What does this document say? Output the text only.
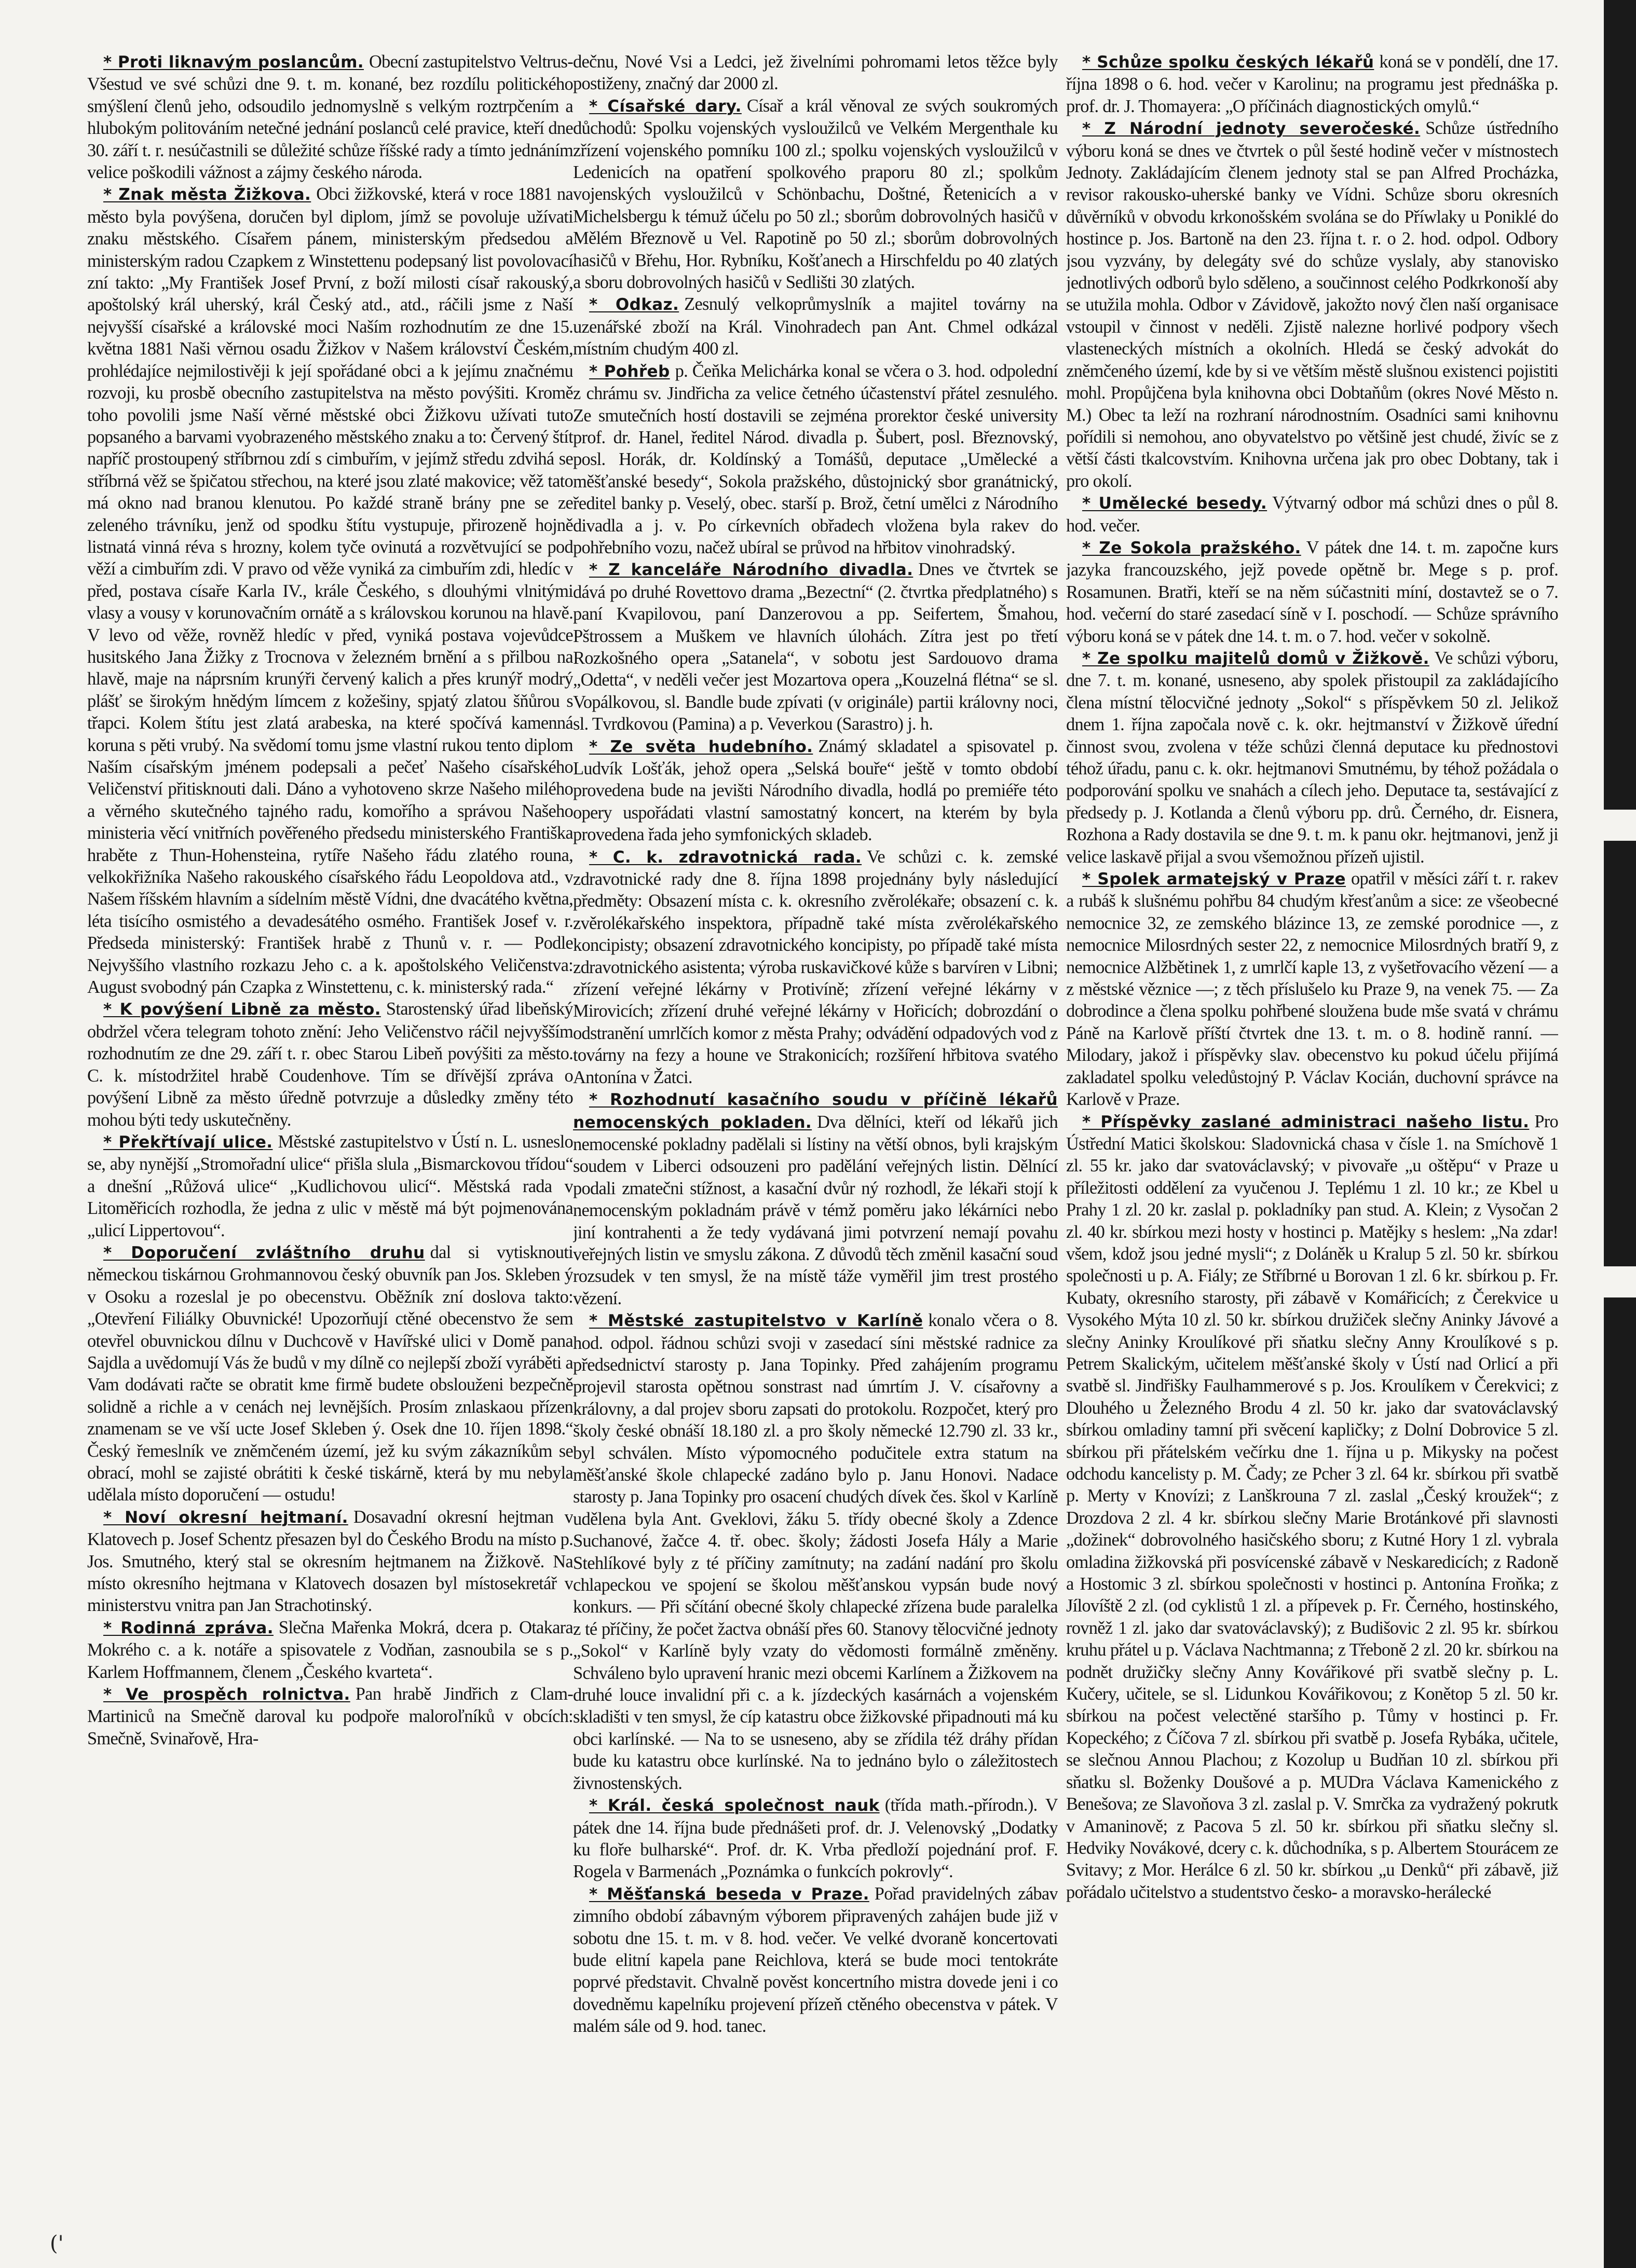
* Proti liknavým poslancům. Obecní zastupitelstvo Veltrus-Všestud ve své schůzi dne 9. t. m. konané, bez rozdílu politického smýšlení členů jeho, odsoudilo jednomyslně s velkým roztrpčením a hlubokým politováním netečné jednání poslanců celé pravice, kteří dne 30. září t. r. nesúčastnili se důležité schůze říšské rady a tímto jednáním velice poškodili vážnost a zájmy českého národa.

* Znak města Žižkova. Obci žižkovské, která v roce 1881 na město byla povýšena, doručen byl diplom, jímž se povoluje užívati znaku městského. Císařem pánem, ministerským předsedou a ministerským radou Czapkem z Winstettenu podepsaný list povolovací zní takto: „My František Josef První, z boží milosti císař rakouský, apoštolský král uherský, král Český atd., atd., ráčili jsme z Naší nejvyšší císařské a královské moci Naším rozhodnutím ze dne 15. května 1881 Naši věrnou osadu Žižkov v Našem království Českém, prohlédajíce nejmilostivěji k její spořádané obci a k jejímu značnému rozvoji, ku prosbě obecního zastupitelstva na město povýšiti. Kromě toho povolili jsme Naší věrné městské obci Žižkovu užívati tuto popsaného a barvami vyobrazeného městského znaku a to: Červený štít napříč prostoupený stříbrnou zdí s cimbuřím, v jejímž středu zdvihá se stříbrná věž se špičatou střechou, na které jsou zlaté makovice; věž tato má okno nad branou klenutou. Po každé straně brány pne se ze zeleného trávníku, jenž od spodku štítu vystupuje, přirozeně hojně listnatá vinná réva s hrozny, kolem tyče ovinutá a rozvětvující se pod věží a cimbuřím zdi. V pravo od věže vyniká za cimbuřím zdi, hledíc v před, postava císaře Karla IV., krále Českého, s dlouhými vlnitými vlasy a vousy v korunovačním ornátě a s královskou korunou na hlavě. V levo od věže, rovněž hledíc v před, vyniká postava vojevůdce husitského Jana Žižky z Trocnova v železném brnění a s přilbou na hlavě, maje na náprsním krunýři červený kalich a přes krunýř modrý plášť se širokým hnědým límcem z kožešiny, spjatý zlatou šňůrou s třapci. Kolem štítu jest zlatá arabeska, na které spočívá kamenná koruna s pěti vrubý. Na svědomí tomu jsme vlastní rukou tento diplom Naším císařským jménem podepsali a pečeť Našeho císařského Veličenství přitisknouti dali. Dáno a vyhotoveno skrze Našeho milého a věrného skutečného tajného radu, komořího a správou Našeho ministeria věcí vnitřních pověřeného předsedu ministerského Františka hraběte z Thun-Hohensteina, rytíře Našeho řádu zlatého rouna, velkokřižníka Našeho rakouského císařského řádu Leopoldova atd., v Našem říšském hlavním a sídelním městě Vídni, dne dvacátého května, léta tisícího osmistého a devadesátého osmého. František Josef v. r. Předseda ministerský: František hrabě z Thunů v. r. — Podle Nejvyššího vlastního rozkazu Jeho c. a k. apoštolského Veličenstva: August svobodný pán Czapka z Winstettenu, c. k. ministerský rada.“

* K povýšení Libně za město. Starostenský úřad libeňský obdržel včera telegram tohoto znění: Jeho Veličenstvo ráčil nejvyšším rozhodnutím ze dne 29. září t. r. obec Starou Libeň povýšiti za město. C. k. místodržitel hrabě Coudenhove. Tím se dřívější zpráva o povýšení Libně za město úředně potvrzuje a důsledky změny této mohou býti tedy uskutečněny.

* Překřtívají ulice. Městské zastupitelstvo v Ústí n. L. usneslo se, aby nynější „Stromořadní ulice“ přišla slula „Bismarckovou třídou“ a dnešní „Růžová ulice“ „Kudlichovou ulicí“. Městská rada v Litoměřicích rozhodla, že jedna z ulic v městě má být pojmenována „ulicí Lippertovou“.

* Doporučení zvláštního druhu dal si vytisknouti německou tiskárnou Grohmannovou český obuvník pan Jos. Skleben ý v Osoku a rozeslal je po obecenstvu. Oběžník zní doslova takto: „Otevření Filiálky Obuvnické! Upozorňují ctěné obecenstvo že sem otevřel obuvnickou dílnu v Duchcově v Havířské ulici v Domě pana Sajdla a uvědomují Vás že budů v my dílně co nejlepší zboží vyráběti a Vam dodávati račte se obratit kme firmě budete obslouženi bezpečně solidně a richle a v cenách nej levnějších. Prosím znlaskaou přízen znamenam se ve vší ucte Josef Skleben ý. Osek dne 10. říjen 1898.“ Český řemeslník ve zněmčeném území, jež ku svým zákazníkům se obrací, mohl se zajisté obrátiti k české tiskárně, která by mu nebyla udělala místo doporučení — ostudu!

* Noví okresní hejtmaní. Dosavadní okresní hejtman v Klatovech p. Josef Schentz přesazen byl do Českého Brodu na místo p. Jos. Smutného, který stal se okresním hejtmanem na Žižkově. Na místo okresního hejtmana v Klatovech dosazen byl místosekretář v ministerstvu vnitra pan Jan Strachotinský.

* Rodinná zpráva. Slečna Mařenka Mokrá, dcera p. Otakara Mokrého c. a k. notáře a spisovatele z Vodňan, zasnoubila se s p. Karlem Hoffmannem, členem „Českého kvarteta“.

* Ve prospěch rolnictva. Pan hrabě Jindřich z Clam-Martiniců na Smečně daroval ku podpoře maloroľníků v obcích: Smečně, Svinařově, Hra-

dečnu, Nové Vsi a Ledci, jež živelními pohromami letos těžce byly postiženy, značný dar 2000 zl.

* Císařské dary. Císař a král věnoval ze svých soukromých důchodů: Spolku vojenských vysloužilců ve Velkém Mergenthale ku zřízení vojenského pomníku 100 zl.; spolku vojenských vysloužilců v Ledenicích na opatření spolkového praporu 80 zl.; spolkům vojenských vysloužilců v Schönbachu, Doštné, Řetenicích a v Michelsbergu k témuž účelu po 50 zl.; sborům dobrovolných hasičů v Mělém Březnově u Vel. Rapotině po 50 zl.; sborům dobrovolných hasičů v Břehu, Hor. Rybníku, Košťanech a Hirschfeldu po 40 zlatých a sboru dobrovolných hasičů v Sedlišti 30 zlatých.

* Odkaz. Zesnulý velkoprůmyslník a majitel továrny na uzenářské zboží na Král. Vinohradech pan Ant. Chmel odkázal místním chudým 400 zl.

* Pohřeb p. Čeňka Melichárka konal se včera o 3. hod. odpolední z chrámu sv. Jindřicha za velice četného účastenství přátel zesnulého. Ze smutečních hostí dostavili se zejména prorektor české university prof. dr. Hanel, ředitel Národ. divadla p. Šubert, posl. Březnovský, posl. Horák, dr. Koldínský a Tomášů, deputace „Umělecké a měšťanské besedy“, Sokola pražského, důstojnický sbor granátnický, ředitel banky p. Veselý, obec. starší p. Brož, četní umělci z Národního divadla a j. v. Po církevních obřadech vložena byla rakev do pohřebního vozu, načež ubíral se průvod na hřbitov vinohradský.

* Z kanceláře Národního divadla. Dnes ve čtvrtek se dává po druhé Rovettovo drama „Bezectní“ (2. čtvrtka předplatného) s paní Kvapilovou, paní Danzerovou a pp. Seifertem, Šmahou, Pštrossem a Muškem ve hlavních úlohách. Zítra jest po třetí Rozkošného opera „Satanela“, v sobotu jest Sardouovo drama „Odetta“, v neděli večer jest Mozartova opera „Kouzelná flétna“ se sl. Vopálkovou, sl. Bandle bude zpívati (v originále) partii královny noci, sl. Tvrdkovou (Pamina) a p. Veverkou (Sarastro) j. h.

* Ze světa hudebního. Známý skladatel a spisovatel p. Ludvík Lošťák, jehož opera „Selská bouře“ ještě v tomto období provedena bude na jevišti Národního divadla, hodlá po premiéře této opery uspořádati vlastní samostatný koncert, na kterém by byla provedena řada jeho symfonických skladeb.

* C. k. zdravotnická rada. Ve schůzi c. k. zemské zdravotnické rady dne 8. října 1898 projednány byly následující předměty: Obsazení místa c. k. okresního zvěrolékaře; obsazení c. k. zvěrolékařského inspektora, případně také místa zvěrolékařského koncipisty; obsazení zdravotnického koncipisty, po případě také místa zdravotnického asistenta; výroba ruskavičkové kůže s barvíren v Libni; zřízení veřejné lékárny v Protivíně; zřízení veřejné lékárny v Mirovicích; zřízení druhé veřejné lékárny v Hořicích; dobrozdání o odstranění umrlčích komor z města Prahy; odvádění odpadových vod z továrny na fezy a houne ve Strakonicích; rozšíření hřbitova svatého Antonína v Žatci.

* Rozhodnutí kasačního soudu v příčině lékařů nemocenských pokladen. Dva dělníci, kteří od lékařů jich nemocenské pokladny padělali si lístiny na větší obnos, byli krajským soudem v Liberci odsouzeni pro padělání veřejných listin. Dělnící podali zmatečni stížnost, a kasační dvůr ný rozhodl, že lékaři stojí k nemocenským pokladnám právě v témž poměru jako lékárníci nebo jiní kontrahenti a že tedy vydávaná jimi potvrzení nemají povahu veřejných listin ve smyslu zákona. Z důvodů těch změnil kasační soud rozsudek v ten smysl, že na místě táže vyměřil jim trest prostého vězení.

* Městské zastupitelstvo v Karlíně konalo včera o 8. hod. odpol. řádnou schůzi svoji v zasedací síni městské radnice za předsednictví starosty p. Jana Topinky. Před zahájením programu projevil starosta opětnou sonstrast nad úmrtím J. V. císařovny a královny, a dal projev sboru zapsati do protokolu. Rozpočet, který pro školy české obnáší 18.180 zl. a pro školy německé 12.790 zl. 33 kr., byl schválen. Místo výpomocného podučitele extra statum na měšťanské škole chlapecké zadáno bylo p. Janu Honovi. Nadace starosty p. Jana Topinky pro osacení chudých dívek čes. škol v Karlíně udělena byla Ant. Gveklovi, žáku 5. třídy obecné školy a Zdence Suchanové, žačce 4. tř. obec. školy; žádosti Josefa Hály a Marie Stehlíkové byly z té příčiny zamítnuty; na zadání nadání pro školu chlapeckou ve spojení se školou měšťanskou vypsán bude nový konkurs. — Při sčítání obecné školy chlapecké zřízena bude paralelka z té příčiny, že počet žactva obnáší přes 60. Stanovy tělocvičné jednoty „Sokol“ v Karlíně byly vzaty do vědomosti formálně změněny. Schváleno bylo upravení hranic mezi obcemi Karlínem a Žižkovem na druhé louce invalidní při c. a k. jízdeckých kasárnách a vojenském skladišti v ten smysl, že cíp katastru obce žižkovské připadnouti má ku obci karlínské. — Na to se usneseno, aby se zřídila též dráhy přídan bude ku katastru obce kurlínské. Na to jednáno bylo o záležitostech živnostenských.

* Král. česká společnost nauk (třída math.-přírodn.). V pátek dne 14. října bude přednášeti prof. dr. J. Velenovský „Dodatky ku floře bulharské“. Prof. dr. K. Vrba předloží pojednání prof. F. Rogela v Barmenách „Poznámka o funkcích pokrovly“.

* Měšťanská beseda v Praze. Pořad pravidelných zábav zimního období zábavným výborem připravených zahájen bude již v sobotu dne 15. t. m. v 8. hod. večer. Ve velké dvoraně koncertovati bude elitní kapela pane Reichlova, která se bude moci tentokráte poprvé představit. Chvalně pověst koncertního mistra dovede jeni i co dovedněmu kapelníku projevení přízeň ctěného obecenstva v pátek. V malém sále od 9. hod. tanec.

* Schůze spolku českých lékařů koná se v pondělí, dne 17. října 1898 o 6. hod. večer v Karolinu; na programu jest přednáška p. prof. dr. J. Thomayera: „O příčinách diagnostických omylů.“

* Z Národní jednoty severočeské. Schůze ústředního výboru koná se dnes ve čtvrtek o půl šesté hodině večer v místnostech Jednoty. Zakládajícím členem jednoty stal se pan Alfred Procházka, revisor rakousko-uherské banky ve Vídni. Schůze sboru okresních důvěrníků v obvodu krkonošském svolána se do Příwlaky u Poniklé do hostince p. Jos. Bartoně na den 23. října t. r. o 2. hod. odpol. Odbory jsou vyzvány, by delegáty své do schůze vyslaly, aby stanovisko jednotlivých odborů bylo sděleno, a součinnost celého Podkrkonoší aby se utužila mohla. Odbor v Závidově, jakožto nový člen naší organisace vstoupil v činnost v neděli. Zjistě nalezne horlivé podpory všech vlasteneckých místních a okolních. Hledá se český advokát do zněmčeného území, kde by si ve větším městě slušnou existenci pojistiti mohl. Propůjčena byla knihovna obci Dobtaňům (okres Nové Město n. M.) Obec ta leží na rozhraní národnostním. Osadníci sami knihovnu pořídili si nemohou, ano obyvatelstvo po většině jest chudé, živíc se z větší části tkalcovstvím. Knihovna určena jak pro obec Dobtany, tak i pro okolí.

* Umělecké besedy. Výtvarný odbor má schůzi dnes o půl 8. hod. večer.

* Ze Sokola pražského. V pátek dne 14. t. m. započne kurs jazyka francouzského, jejž povede opětně br. Mege s p. prof. Rosamunen. Bratři, kteří se na něm súčastniti míní, dostavtež se o 7. hod. večerní do staré zasedací síně v I. poschodí. — Schůze správního výboru koná se v pátek dne 14. t. m. o 7. hod. večer v sokolně.

* Ze spolku majitelů domů v Žižkově. Ve schůzi výboru, dne 7. t. m. konané, usneseno, aby spolek přistoupil za zakládajícího člena místní tělocvičné jednoty „Sokol“ s příspěvkem 50 zl. Jelikož dnem 1. října započala nově c. k. okr. hejtmanství v Žižkově úřední činnost svou, zvolena v téže schůzi členná deputace ku přednostovi téhož úřadu, panu c. k. okr. hejtmanovi Smutnému, by téhož požádala o podporování spolku ve snahách a cílech jeho. Deputace ta, sestávající z předsedy p. J. Kotlanda a členů výboru pp. drů. Černého, dr. Eisnera, Rozhona a Rady dostavila se dne 9. t. m. k panu okr. hejtmanovi, jenž ji velice laskavě přijal a svou všemožnou přízeň ujistil.

* Spolek armatejský v Praze opatřil v měsíci září t. r. rakev a rubáš k slušnému pohřbu 84 chudým křesťanům a sice: ze všeobecné nemocnice 32, ze zemského blázince 13, ze zemské porodnice —, z nemocnice Milosrdných sester 22, z nemocnice Milosrdných bratří 9, z nemocnice Alžbětinek 1, z umrlčí kaple 13, z vyšetřovacího vězení — a z městské věznice —; z těch příslušelo ku Praze 9, na venek 75. — Za dobrodince a člena spolku pohřbené sloužena bude mše svatá v chrámu Páně na Karlově příští čtvrtek dne 13. t. m. o 8. hodině ranní. — Milodary, jakož i příspěvky slav. obecenstvo ku pokud účelu přijímá zakladatel spolku veledůstojný P. Václav Kocián, duchovní správce na Karlově v Praze.

* Příspěvky zaslané administraci našeho listu. Pro Ústřední Matici školskou: Sladovnická chasa v čísle 1. na Smíchově 1 zl. 55 kr. jako dar svatováclavský; v pivovaře „u oštěpu“ v Praze u příležitosti oddělení za vyučenou J. Teplému 1 zl. 10 kr.; ze Kbel u Prahy 1 zl. 20 kr. zaslal p. pokladníky pan stud. A. Klein; z Vysočan 2 zl. 40 kr. sbírkou mezi hosty v hostinci p. Matějky s heslem: „Na zdar! všem, kdož jsou jedné mysli“; z Doláněk u Kralup 5 zl. 50 kr. sbírkou společnosti u p. A. Fiály; ze Stříbrné u Borovan 1 zl. 6 kr. sbírkou p. Fr. Kubaty, okresního starosty, při zábavě v Komářicích; z Čerekvice u Vysokého Mýta 10 zl. 50 kr. sbírkou družiček slečny Aninky Jávové a slečny Aninky Kroulíkové při sňatku slečny Anny Kroulíkové s p. Petrem Skalickým, učitelem měšťanské školy v Ústí nad Orlicí a při svatbě sl. Jindřišky Faulhammerové s p. Jos. Kroulíkem v Čerekvici; z Dlouhého u Železného Brodu 4 zl. 50 kr. jako dar svatováclavský sbírkou omladiny tamní při svěcení kapličky; z Dolní Dobrovice 5 zl. sbírkou při přátelském večírku dne 1. října u p. Mikysky na počest odchodu kancelisty p. M. Čady; ze Pcher 3 zl. 64 kr. sbírkou při svatbě p. Merty v Knovízi; z Lanškrouna 7 zl. zaslal „Český kroužek“; z Drozdova 2 zl. 4 kr. sbírkou slečny Marie Brotánkové při slavnosti „dožinek“ dobrovolného hasičského sboru; z Kutné Hory 1 zl. vybrala omladina žižkovská při posvícenské zábavě v Neskaredicích; z Radoně a Hostomic 3 zl. sbírkou společnosti v hostinci p. Antonína Froňka; z Jílovíště 2 zl. (od cyklistů 1 zl. a přípevek p. Fr. Černého, hostinského, rovněž 1 zl. jako dar svatováclavský); z Budišovic 2 zl. 95 kr. sbírkou kruhu přátel u p. Václava Nachtmanna; z Třeboně 2 zl. 20 kr. sbírkou na podnět družičky slečny Anny Kovářikové při svatbě slečny p. L. Kučery, učitele, se sl. Lidunkou Kovářikovou; z Konětop 5 zl. 50 kr. sbírkou na počest velectěné staršího p. Tůmy v hostinci p. Fr. Kopeckého; z Číčova 7 zl. sbírkou při svatbě p. Josefa Rybáka, učitele, se slečnou Annou Plachou; z Kozolup u Budňan 10 zl. sbírkou při sňatku sl. Boženky Doušové a p. MUDra Václava Kamenického z Benešova; ze Slavoňova 3 zl. zaslal p. V. Smrčka za vydražený pokrutk v Amaninově; z Pacova 5 zl. 50 kr. sbírkou při sňatku slečny sl. Hedviky Novákové, dcery c. k. důchodníka, s p. Albertem Stourácem ze Svitavy; z Mor. Herálce 6 zl. 50 kr. sbírkou „u Denků“ při zábavě, již pořádalo učitelstvo a studentstvo česko- a moravsko-herálecké

('
